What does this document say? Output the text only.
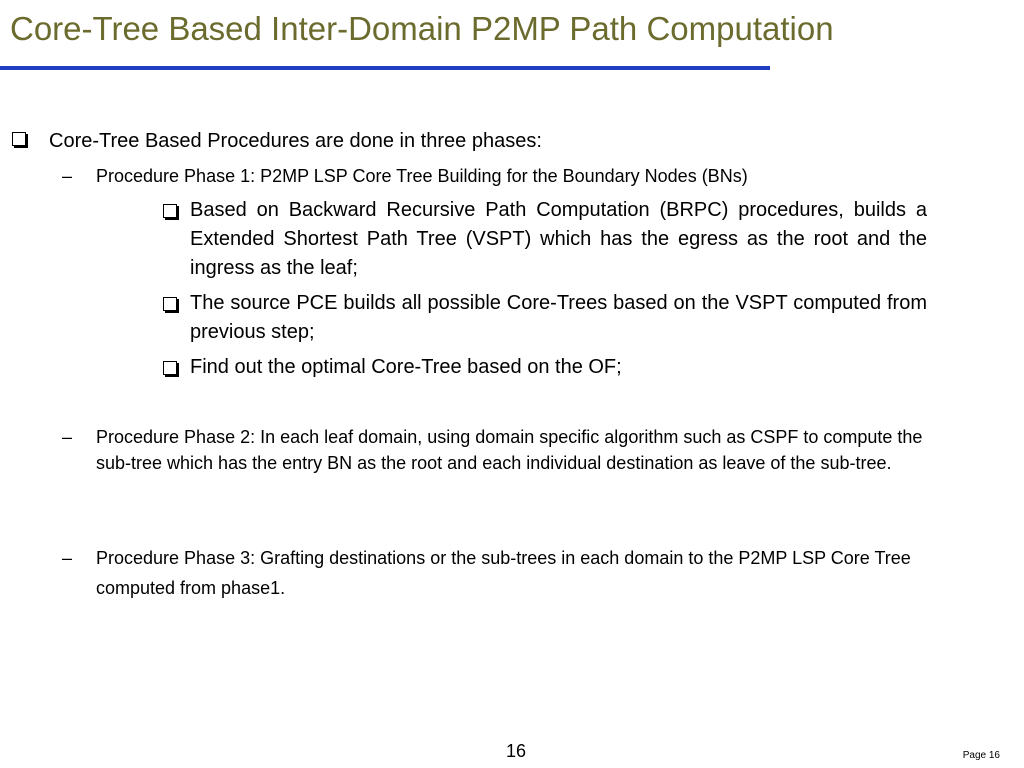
Core-Tree Based Inter-Domain P2MP Path Computation
Core-Tree Based Procedures are done in three phases:
– Procedure Phase 1: P2MP LSP Core Tree Building for the Boundary Nodes (BNs)
Based on Backward Recursive Path Computation (BRPC) procedures, builds a Extended Shortest Path Tree (VSPT) which has the egress as the root and the ingress as the leaf;
The source PCE builds all possible Core-Trees based on the VSPT computed from previous step;
Find out the optimal Core-Tree based on the OF;
– Procedure Phase 2: In each leaf domain, using domain specific algorithm such as CSPF to compute the sub-tree which has the entry BN as the root and each individual destination as leave of the sub-tree.
– Procedure Phase 3: Grafting destinations or the sub-trees in each domain to the P2MP LSP Core Tree computed from phase1.
16	Page 16
